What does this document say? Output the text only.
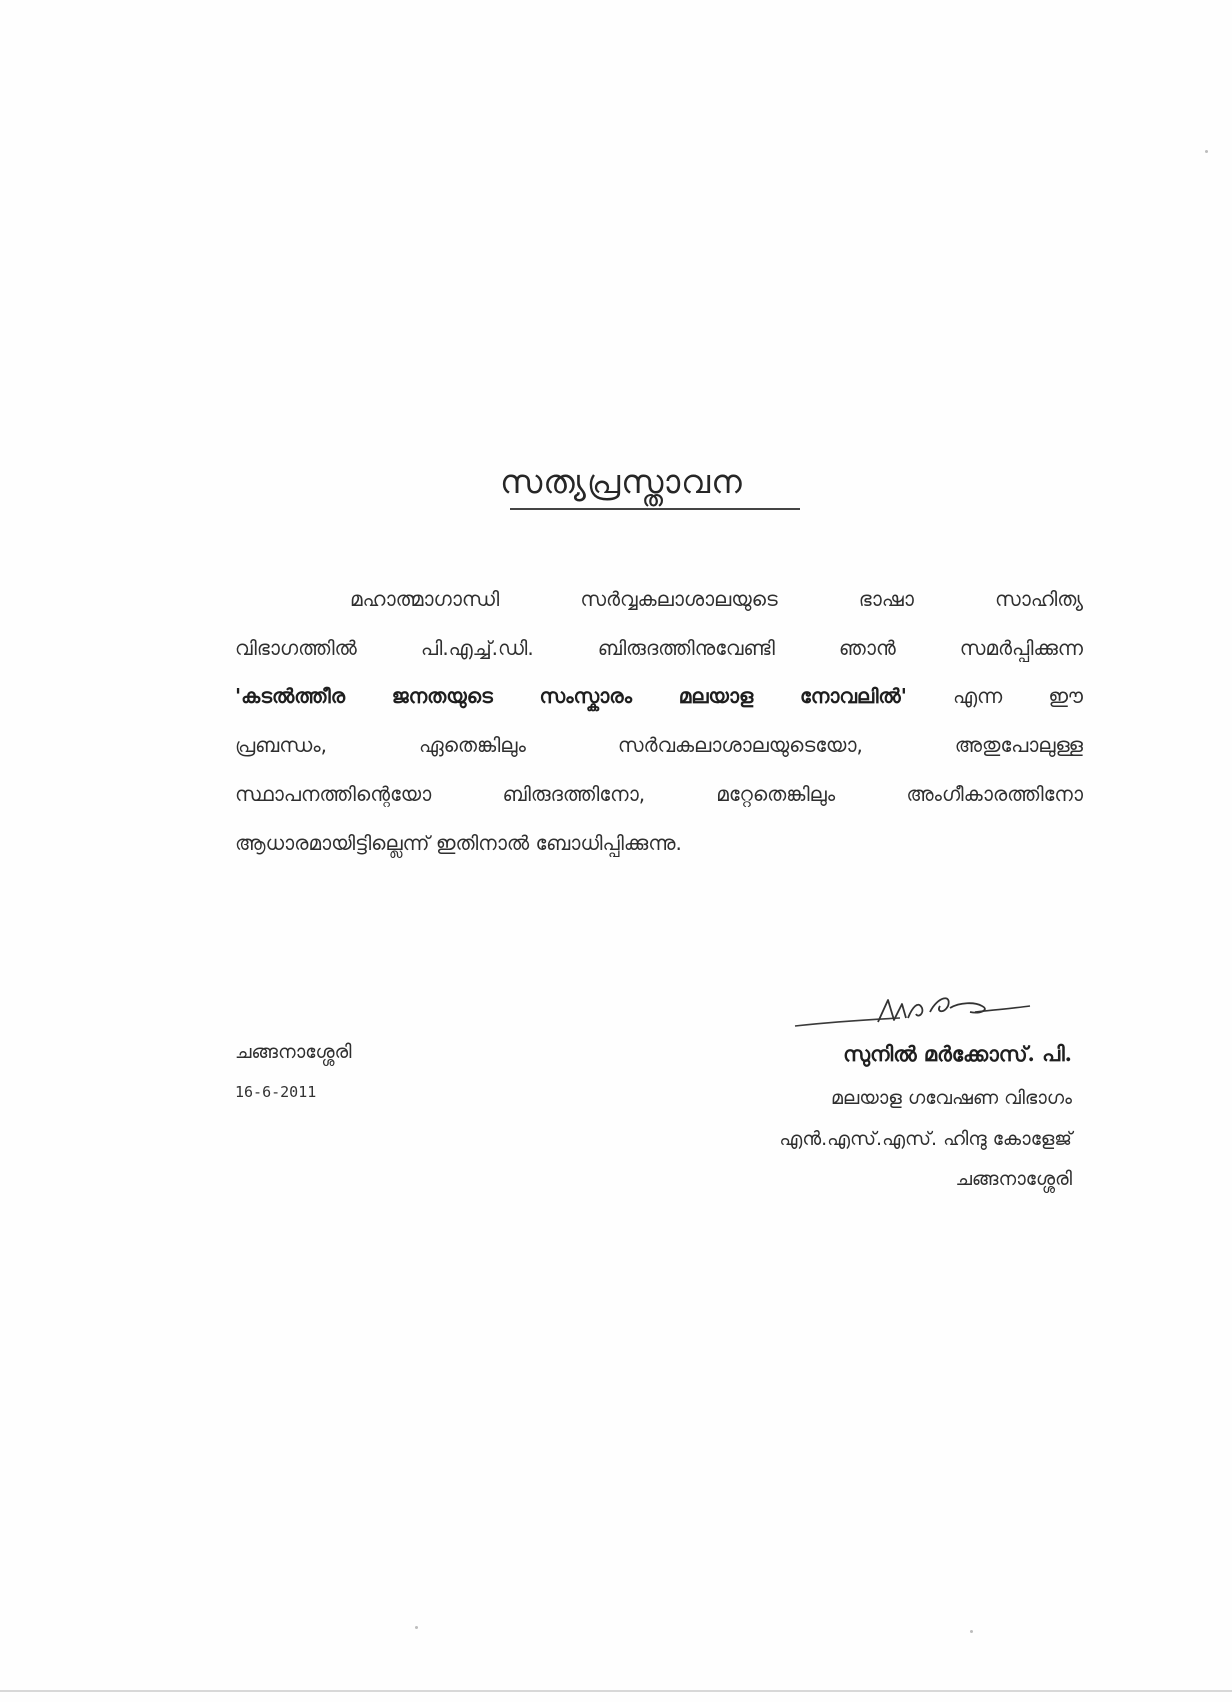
സത്യപ്രസ്താവന
മഹാത്മാഗാന്ധി സർവ്വകലാശാലയുടെ ഭാഷാ സാഹിത്യ
വിഭാഗത്തിൽ പി.എച്ച്.ഡി. ബിരുദത്തിനുവേണ്ടി ഞാൻ സമർപ്പിക്കുന്ന
'കടൽത്തീര ജനതയുടെ സംസ്കാരം മലയാള നോവലിൽ' എന്ന ഈ
പ്രബന്ധം, ഏതെങ്കിലും സർവകലാശാലയുടെയോ, അതുപോലുള്ള
സ്ഥാപനത്തിന്റെയോ ബിരുദത്തിനോ, മറ്റേതെങ്കിലും അംഗീകാരത്തിനോ
ആധാരമായിട്ടില്ലെന്ന് ഇതിനാൽ ബോധിപ്പിക്കുന്നു.
ചങ്ങനാശ്ശേരി
16-6-2011
സുനിൽ മർക്കോസ്. പി.
മലയാള ഗവേഷണ വിഭാഗം
എൻ.എസ്.എസ്. ഹിന്ദു കോളേജ്
ചങ്ങനാശ്ശേരി
